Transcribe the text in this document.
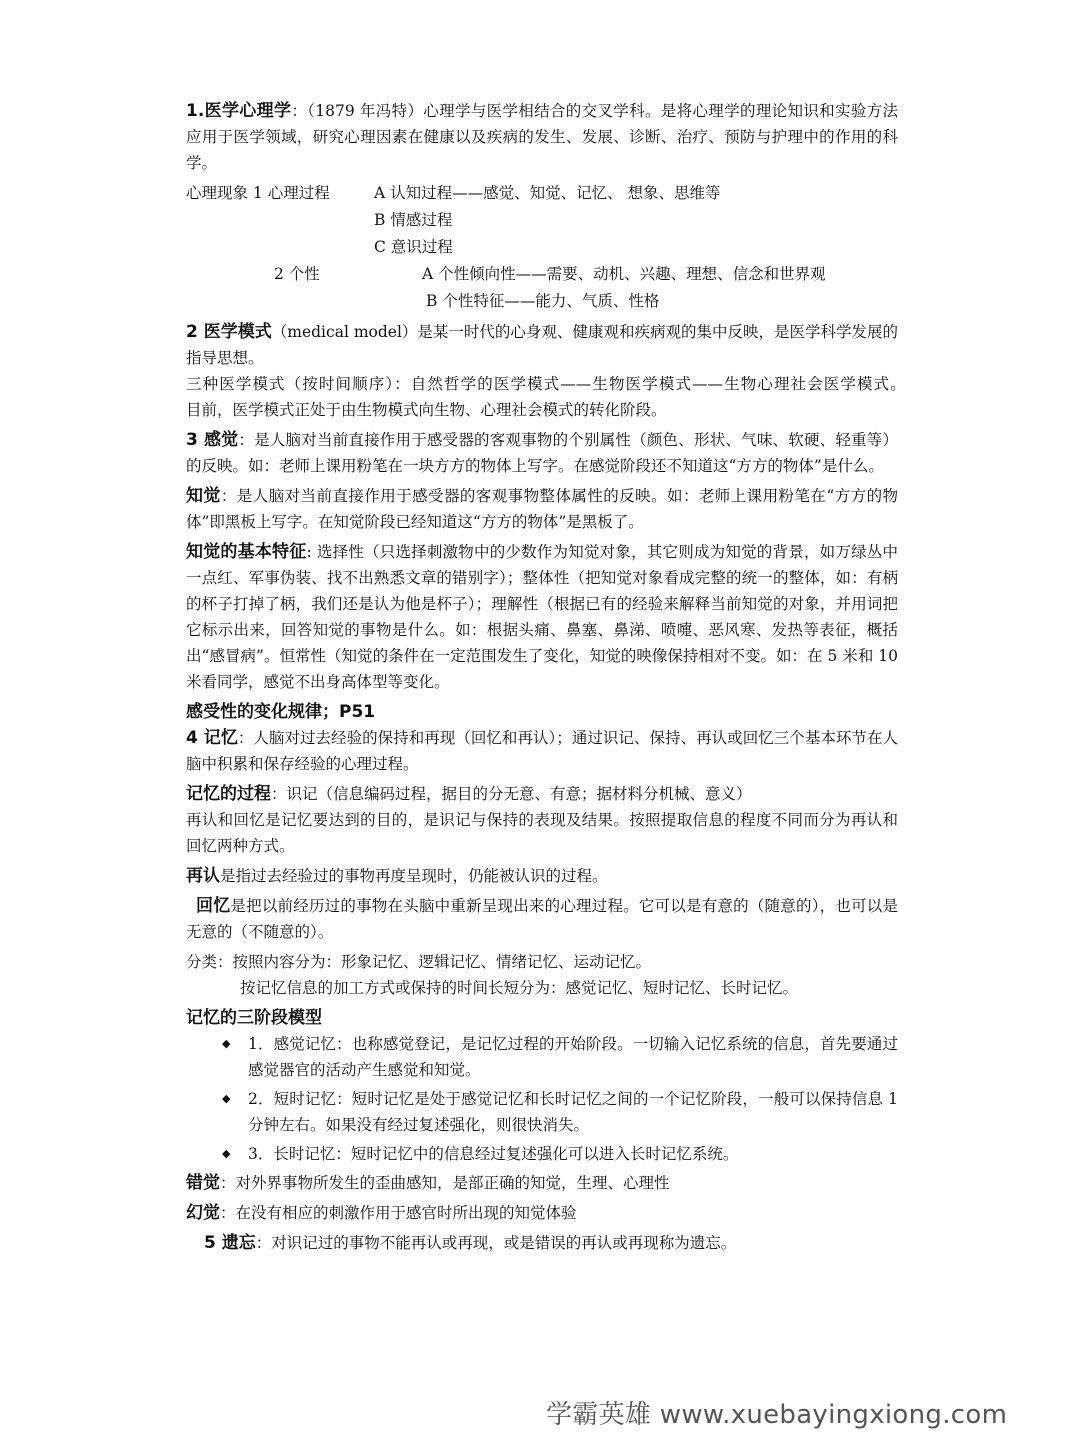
1.医学心理学：（1879 年冯特）心理学与医学相结合的交叉学科。是将心理学的理论知识和实验方法应用于医学领域，研究心理因素在健康以及疾病的发生、发展、诊断、治疗、预防与护理中的作用的科学。

心理现象 1 心理过程	A 认知过程——感觉、知觉、记忆、 想象、思维等
B 情感过程
C 意识过程
2 个性	A 个性倾向性——需要、动机、兴趣、理想、信念和世界观
B 个性特征——能力、气质、性格

2 医学模式（medical model）是某一时代的心身观、健康观和疾病观的集中反映，是医学科学发展的指导思想。

三种医学模式（按时间顺序）：自然哲学的医学模式——生物医学模式——生物心理社会医学模式。　　目前，医学模式正处于由生物模式向生物、心理社会模式的转化阶段。

3 感觉：是人脑对当前直接作用于感受器的客观事物的个别属性（颜色、形状、气味、软硬、轻重等）的反映。如：老师上课用粉笔在一块方方的物体上写字。在感觉阶段还不知道这“方方的物体”是什么。

知觉：是人脑对当前直接作用于感受器的客观事物整体属性的反映。如：老师上课用粉笔在“方方的物体”即黑板上写字。在知觉阶段已经知道这“方方的物体”是黑板了。

知觉的基本特征: 选择性（只选择刺激物中的少数作为知觉对象，其它则成为知觉的背景，如万绿丛中一点红、军事伪装、找不出熟悉文章的错别字）；整体性（把知觉对象看成完整的统一的整体，如：有柄的杯子打掉了柄，我们还是认为他是杯子）；理解性（根据已有的经验来解释当前知觉的对象，并用词把它标示出来，回答知觉的事物是什么。如：根据头痛、鼻塞、鼻涕、喷嚏、恶风寒、发热等表征，概括出“感冒病”。恒常性（知觉的条件在一定范围发生了变化，知觉的映像保持相对不变。如：在 5 米和 10 米看同学，感觉不出身高体型等变化。

感受性的变化规律；P51

4 记忆：人脑对过去经验的保持和再现（回忆和再认）；通过识记、保持、再认或回忆三个基本环节在人脑中积累和保存经验的心理过程。

记忆的过程：识记（信息编码过程，据目的分无意、有意；据材料分机械、意义）

再认和回忆是记忆要达到的目的，是识记与保持的表现及结果。按照提取信息的程度不同而分为再认和回忆两种方式。

再认是指过去经验过的事物再度呈现时，仍能被认识的过程。

回忆是把以前经历过的事物在头脑中重新呈现出来的心理过程。它可以是有意的（随意的），也可以是无意的（不随意的）。

分类：按照内容分为：形象记忆、逻辑记忆、情绪记忆、运动记忆。

按记忆信息的加工方式或保持的时间长短分为：感觉记忆、短时记忆、长时记忆。

记忆的三阶段模型

◆ 1．感觉记忆：也称感觉登记，是记忆过程的开始阶段。一切输入记忆系统的信息，首先要通过感觉器官的活动产生感觉和知觉。
◆ 2．短时记忆：短时记忆是处于感觉记忆和长时记忆之间的一个记忆阶段，一般可以保持信息 1 分钟左右。如果没有经过复述强化，则很快消失。
◆ 3．长时记忆：短时记忆中的信息经过复述强化可以进入长时记忆系统。

错觉：对外界事物所发生的歪曲感知，是部正确的知觉，生理、心理性

幻觉：在没有相应的刺激作用于感官时所出现的知觉体验

5 遗忘：对识记过的事物不能再认或再现，或是错误的再认或再现称为遗忘。

学霸英雄 www.xuebayingxiong.com
